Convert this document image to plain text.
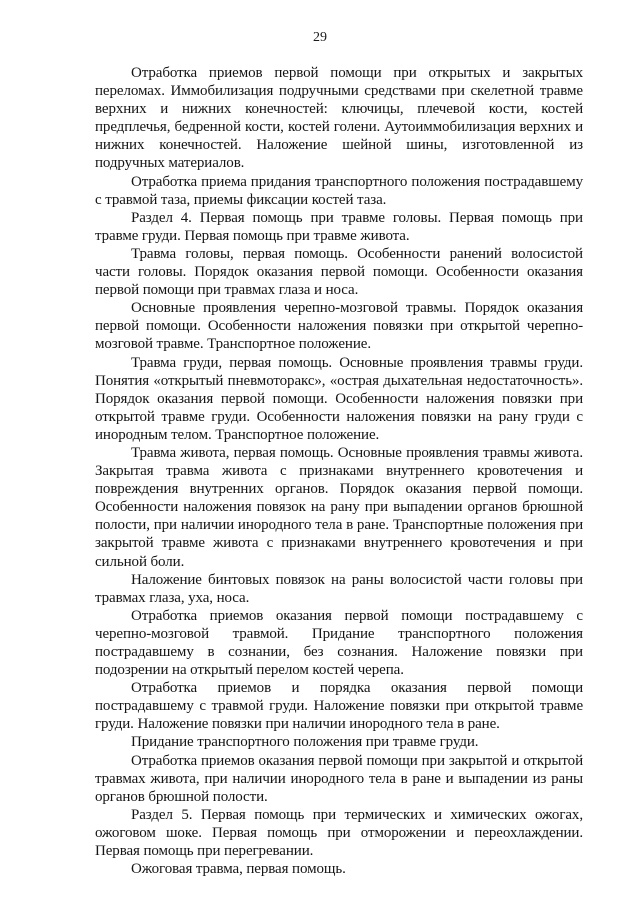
29

Отработка приемов первой помощи при открытых и закрытых переломах. Иммобилизация подручными средствами при скелетной травме верхних и нижних конечностей: ключицы, плечевой кости, костей предплечья, бедренной кости, костей голени. Аутоиммобилизация верхних и нижних конечностей. Наложение шейной шины, изготовленной из подручных материалов.

Отработка приема придания транспортного положения пострадавшему с травмой таза, приемы фиксации костей таза.

Раздел 4. Первая помощь при травме головы. Первая помощь при травме груди. Первая помощь при травме живота.

Травма головы, первая помощь. Особенности ранений волосистой части головы. Порядок оказания первой помощи. Особенности оказания первой помощи при травмах глаза и носа.

Основные проявления черепно-мозговой травмы. Порядок оказания первой помощи. Особенности наложения повязки при открытой черепно-мозговой травме. Транспортное положение.

Травма груди, первая помощь. Основные проявления травмы груди. Понятия «открытый пневмоторакс», «острая дыхательная недостаточность». Порядок оказания первой помощи. Особенности наложения повязки при открытой травме груди. Особенности наложения повязки на рану груди с инородным телом. Транспортное положение.

Травма живота, первая помощь. Основные проявления травмы живота. Закрытая травма живота с признаками внутреннего кровотечения и повреждения внутренних органов. Порядок оказания первой помощи. Особенности наложения повязок на рану при выпадении органов брюшной полости, при наличии инородного тела в ране. Транспортные положения при закрытой травме живота с признаками внутреннего кровотечения и при сильной боли.

Наложение бинтовых повязок на раны волосистой части головы при травмах глаза, уха, носа.

Отработка приемов оказания первой помощи пострадавшему с черепно-мозговой травмой. Придание транспортного положения пострадавшему в сознании, без сознания. Наложение повязки при подозрении на открытый перелом костей черепа.

Отработка приемов и порядка оказания первой помощи пострадавшему с травмой груди. Наложение повязки при открытой травме груди. Наложение повязки при наличии инородного тела в ране.

Придание транспортного положения при травме груди.

Отработка приемов оказания первой помощи при закрытой и открытой травмах живота, при наличии инородного тела в ране и выпадении из раны органов брюшной полости.

Раздел 5. Первая помощь при термических и химических ожогах, ожоговом шоке. Первая помощь при отморожении и переохлаждении. Первая помощь при перегревании.

Ожоговая травма, первая помощь.
